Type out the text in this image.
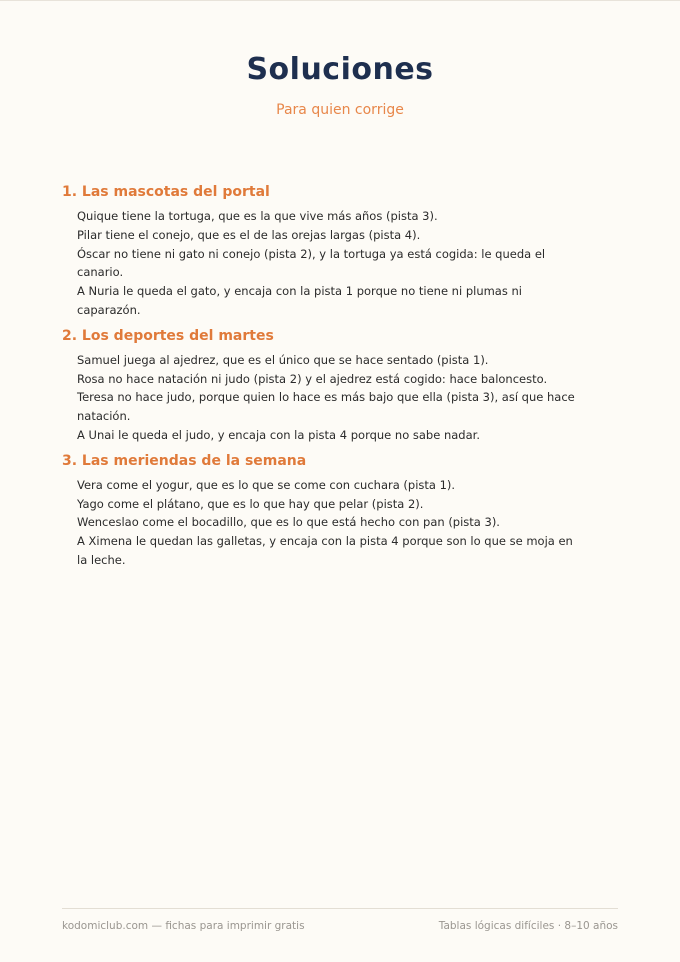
Soluciones
Para quien corrige
1. Las mascotas del portal
Quique tiene la tortuga, que es la que vive más años (pista 3).
Pilar tiene el conejo, que es el de las orejas largas (pista 4).
Óscar no tiene ni gato ni conejo (pista 2), y la tortuga ya está cogida: le queda el
canario.
A Nuria le queda el gato, y encaja con la pista 1 porque no tiene ni plumas ni
caparazón.
2. Los deportes del martes
Samuel juega al ajedrez, que es el único que se hace sentado (pista 1).
Rosa no hace natación ni judo (pista 2) y el ajedrez está cogido: hace baloncesto.
Teresa no hace judo, porque quien lo hace es más bajo que ella (pista 3), así que hace
natación.
A Unai le queda el judo, y encaja con la pista 4 porque no sabe nadar.
3. Las meriendas de la semana
Vera come el yogur, que es lo que se come con cuchara (pista 1).
Yago come el plátano, que es lo que hay que pelar (pista 2).
Wenceslao come el bocadillo, que es lo que está hecho con pan (pista 3).
A Ximena le quedan las galletas, y encaja con la pista 4 porque son lo que se moja en
la leche.
kodomiclub.com — fichas para imprimir gratis	Tablas lógicas difíciles · 8–10 años
